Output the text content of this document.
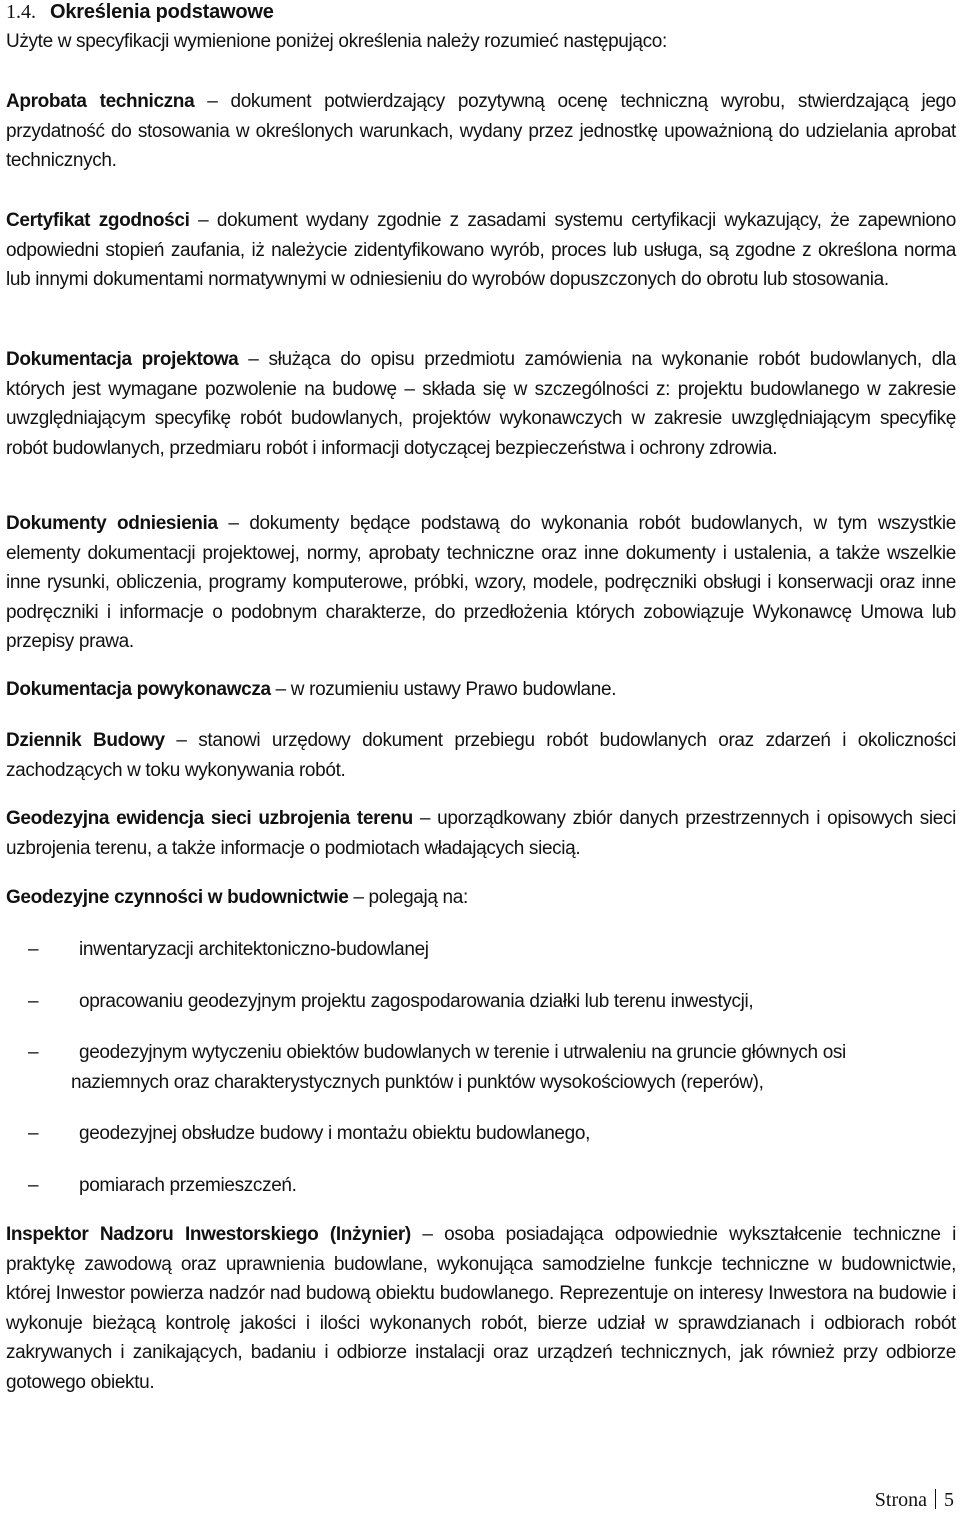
1.4. Określenia podstawowe

Użyte w specyfikacji wymienione poniżej określenia należy rozumieć następująco:

Aprobata techniczna – dokument potwierdzający pozytywną ocenę techniczną wyrobu, stwierdzającą jego przydatność do stosowania w określonych warunkach, wydany przez jednostkę upoważnioną do udzielania aprobat technicznych.

Certyfikat zgodności – dokument wydany zgodnie z zasadami systemu certyfikacji wykazujący, że zapewniono odpowiedni stopień zaufania, iż należycie zidentyfikowano wyrób, proces lub usługa, są zgodne z określona norma lub innymi dokumentami normatywnymi w odniesieniu do wyrobów dopuszczonych do obrotu lub stosowania.

Dokumentacja projektowa – służąca do opisu przedmiotu zamówienia na wykonanie robót budowlanych, dla których jest wymagane pozwolenie na budowę – składa się w szczególności z: projektu budowlanego w zakresie uwzględniającym specyfikę robót budowlanych, projektów wykonawczych w zakresie uwzględniającym specyfikę robót budowlanych, przedmiaru robót i informacji dotyczącej bezpieczeństwa i ochrony zdrowia.

Dokumenty odniesienia – dokumenty będące podstawą do wykonania robót budowlanych, w tym wszystkie elementy dokumentacji projektowej, normy, aprobaty techniczne oraz inne dokumenty i ustalenia, a także wszelkie inne rysunki, obliczenia, programy komputerowe, próbki, wzory, modele, podręczniki obsługi i konserwacji oraz inne podręczniki i informacje o podobnym charakterze, do przedłożenia których zobowiązuje Wykonawcę Umowa lub przepisy prawa.

Dokumentacja powykonawcza – w rozumieniu ustawy Prawo budowlane.

Dziennik Budowy – stanowi urzędowy dokument przebiegu robót budowlanych oraz zdarzeń i okoliczności zachodzących w toku wykonywania robót.

Geodezyjna ewidencja sieci uzbrojenia terenu – uporządkowany zbiór danych przestrzennych i opisowych sieci uzbrojenia terenu, a także informacje o podmiotach władających siecią.

Geodezyjne czynności w budownictwie – polegają na:

– inwentaryzacji architektoniczno-budowlanej
– opracowaniu geodezyjnym projektu zagospodarowania działki lub terenu inwestycji,
– geodezyjnym wytyczeniu obiektów budowlanych w terenie i utrwaleniu na gruncie głównych osi
naziemnych oraz charakterystycznych punktów i punktów wysokościowych (reperów),
– geodezyjnej obsłudze budowy i montażu obiektu budowlanego,
– pomiarach przemieszczeń.

Inspektor Nadzoru Inwestorskiego (Inżynier) – osoba posiadająca odpowiednie wykształcenie techniczne i praktykę zawodową oraz uprawnienia budowlane, wykonująca samodzielne funkcje techniczne w budownictwie, której Inwestor powierza nadzór nad budową obiektu budowlanego. Reprezentuje on interesy Inwestora na budowie i wykonuje bieżącą kontrolę jakości i ilości wykonanych robót, bierze udział w sprawdzianach i odbiorach robót zakrywanych i zanikających, badaniu i odbiorze instalacji oraz urządzeń technicznych, jak również przy odbiorze gotowego obiektu.

Strona 5
